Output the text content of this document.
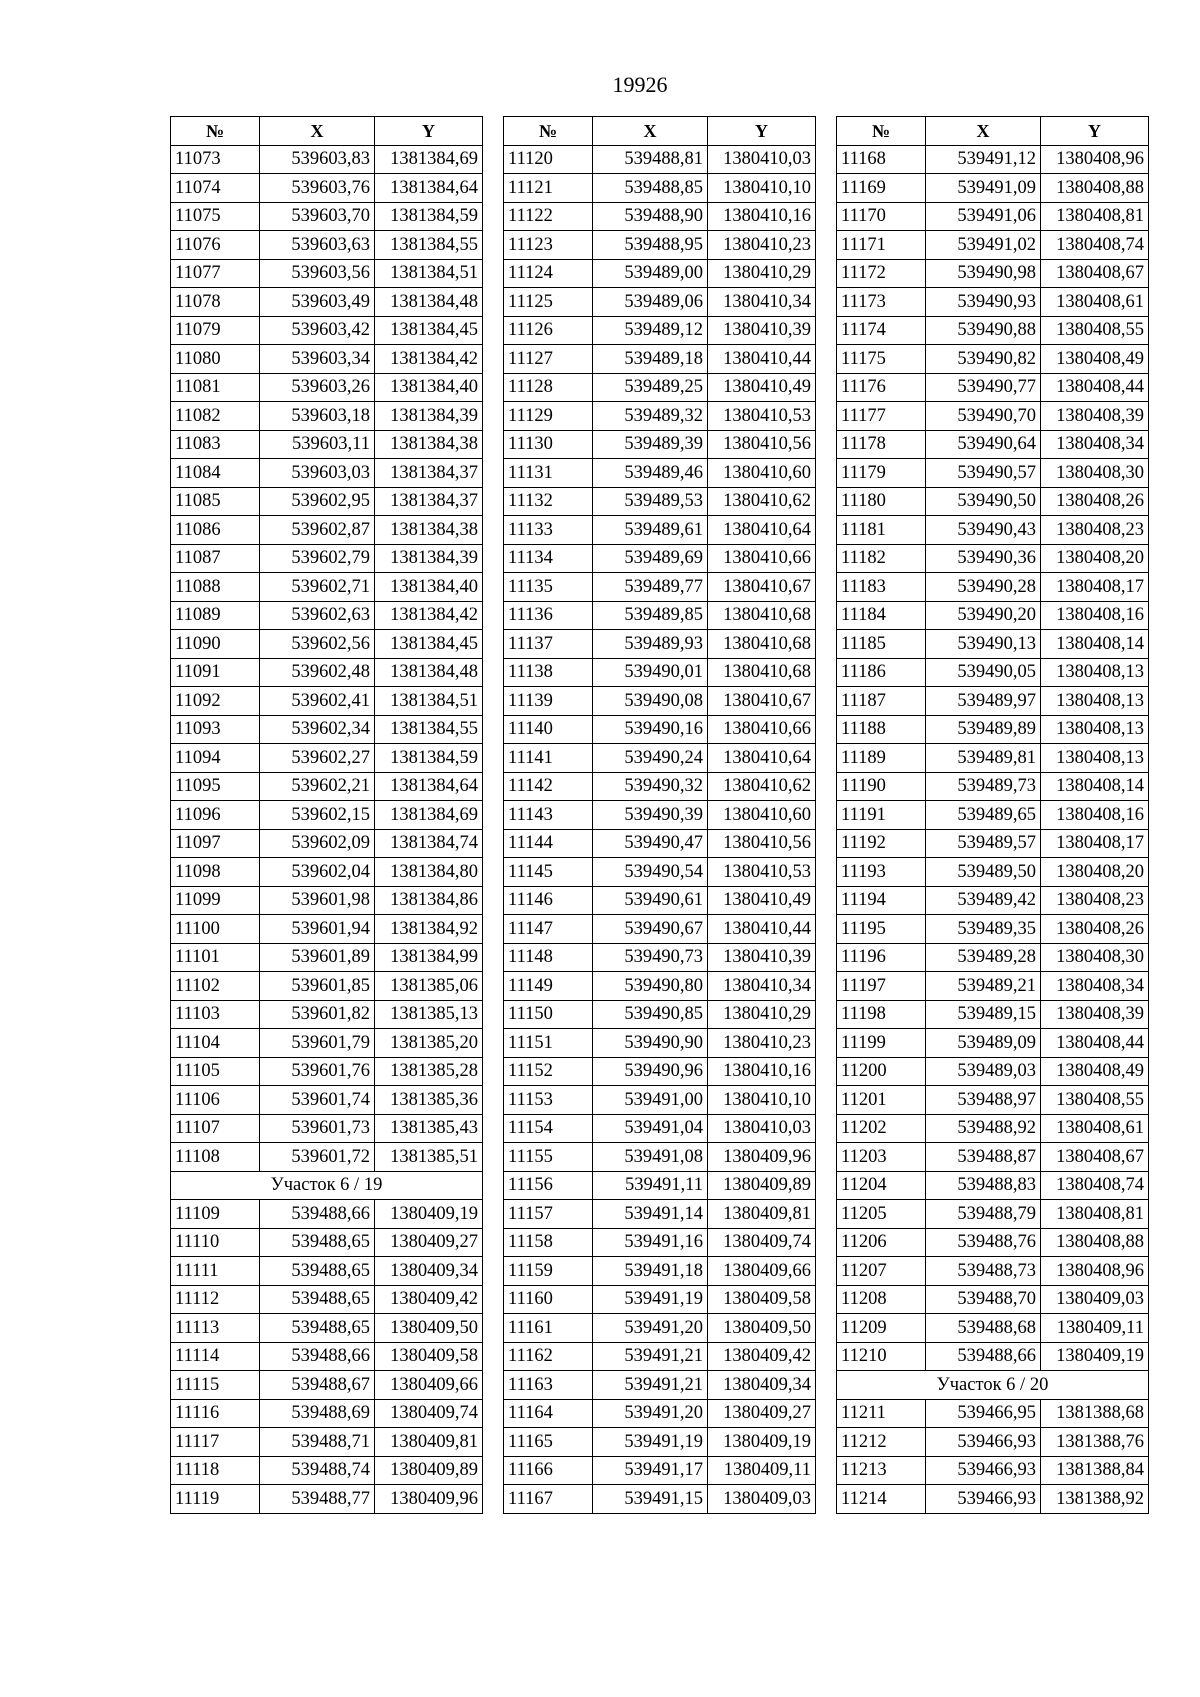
19926
№	X	Y
11073	539603,83	1381384,69
11074	539603,76	1381384,64
11075	539603,70	1381384,59
11076	539603,63	1381384,55
11077	539603,56	1381384,51
11078	539603,49	1381384,48
11079	539603,42	1381384,45
11080	539603,34	1381384,42
11081	539603,26	1381384,40
11082	539603,18	1381384,39
11083	539603,11	1381384,38
11084	539603,03	1381384,37
11085	539602,95	1381384,37
11086	539602,87	1381384,38
11087	539602,79	1381384,39
11088	539602,71	1381384,40
11089	539602,63	1381384,42
11090	539602,56	1381384,45
11091	539602,48	1381384,48
11092	539602,41	1381384,51
11093	539602,34	1381384,55
11094	539602,27	1381384,59
11095	539602,21	1381384,64
11096	539602,15	1381384,69
11097	539602,09	1381384,74
11098	539602,04	1381384,80
11099	539601,98	1381384,86
11100	539601,94	1381384,92
11101	539601,89	1381384,99
11102	539601,85	1381385,06
11103	539601,82	1381385,13
11104	539601,79	1381385,20
11105	539601,76	1381385,28
11106	539601,74	1381385,36
11107	539601,73	1381385,43
11108	539601,72	1381385,51
Участок 6 / 19		
11109	539488,66	1380409,19
11110	539488,65	1380409,27
11111	539488,65	1380409,34
11112	539488,65	1380409,42
11113	539488,65	1380409,50
11114	539488,66	1380409,58
11115	539488,67	1380409,66
11116	539488,69	1380409,74
11117	539488,71	1380409,81
11118	539488,74	1380409,89
11119	539488,77	1380409,96
№	X	Y
11120	539488,81	1380410,03
11121	539488,85	1380410,10
11122	539488,90	1380410,16
11123	539488,95	1380410,23
11124	539489,00	1380410,29
11125	539489,06	1380410,34
11126	539489,12	1380410,39
11127	539489,18	1380410,44
11128	539489,25	1380410,49
11129	539489,32	1380410,53
11130	539489,39	1380410,56
11131	539489,46	1380410,60
11132	539489,53	1380410,62
11133	539489,61	1380410,64
11134	539489,69	1380410,66
11135	539489,77	1380410,67
11136	539489,85	1380410,68
11137	539489,93	1380410,68
11138	539490,01	1380410,68
11139	539490,08	1380410,67
11140	539490,16	1380410,66
11141	539490,24	1380410,64
11142	539490,32	1380410,62
11143	539490,39	1380410,60
11144	539490,47	1380410,56
11145	539490,54	1380410,53
11146	539490,61	1380410,49
11147	539490,67	1380410,44
11148	539490,73	1380410,39
11149	539490,80	1380410,34
11150	539490,85	1380410,29
11151	539490,90	1380410,23
11152	539490,96	1380410,16
11153	539491,00	1380410,10
11154	539491,04	1380410,03
11155	539491,08	1380409,96
11156	539491,11	1380409,89
11157	539491,14	1380409,81
11158	539491,16	1380409,74
11159	539491,18	1380409,66
11160	539491,19	1380409,58
11161	539491,20	1380409,50
11162	539491,21	1380409,42
11163	539491,21	1380409,34
11164	539491,20	1380409,27
11165	539491,19	1380409,19
11166	539491,17	1380409,11
11167	539491,15	1380409,03
№	X	Y
11168	539491,12	1380408,96
11169	539491,09	1380408,88
11170	539491,06	1380408,81
11171	539491,02	1380408,74
11172	539490,98	1380408,67
11173	539490,93	1380408,61
11174	539490,88	1380408,55
11175	539490,82	1380408,49
11176	539490,77	1380408,44
11177	539490,70	1380408,39
11178	539490,64	1380408,34
11179	539490,57	1380408,30
11180	539490,50	1380408,26
11181	539490,43	1380408,23
11182	539490,36	1380408,20
11183	539490,28	1380408,17
11184	539490,20	1380408,16
11185	539490,13	1380408,14
11186	539490,05	1380408,13
11187	539489,97	1380408,13
11188	539489,89	1380408,13
11189	539489,81	1380408,13
11190	539489,73	1380408,14
11191	539489,65	1380408,16
11192	539489,57	1380408,17
11193	539489,50	1380408,20
11194	539489,42	1380408,23
11195	539489,35	1380408,26
11196	539489,28	1380408,30
11197	539489,21	1380408,34
11198	539489,15	1380408,39
11199	539489,09	1380408,44
11200	539489,03	1380408,49
11201	539488,97	1380408,55
11202	539488,92	1380408,61
11203	539488,87	1380408,67
11204	539488,83	1380408,74
11205	539488,79	1380408,81
11206	539488,76	1380408,88
11207	539488,73	1380408,96
11208	539488,70	1380409,03
11209	539488,68	1380409,11
11210	539488,66	1380409,19
Участок 6 / 20		
11211	539466,95	1381388,68
11212	539466,93	1381388,76
11213	539466,93	1381388,84
11214	539466,93	1381388,92
